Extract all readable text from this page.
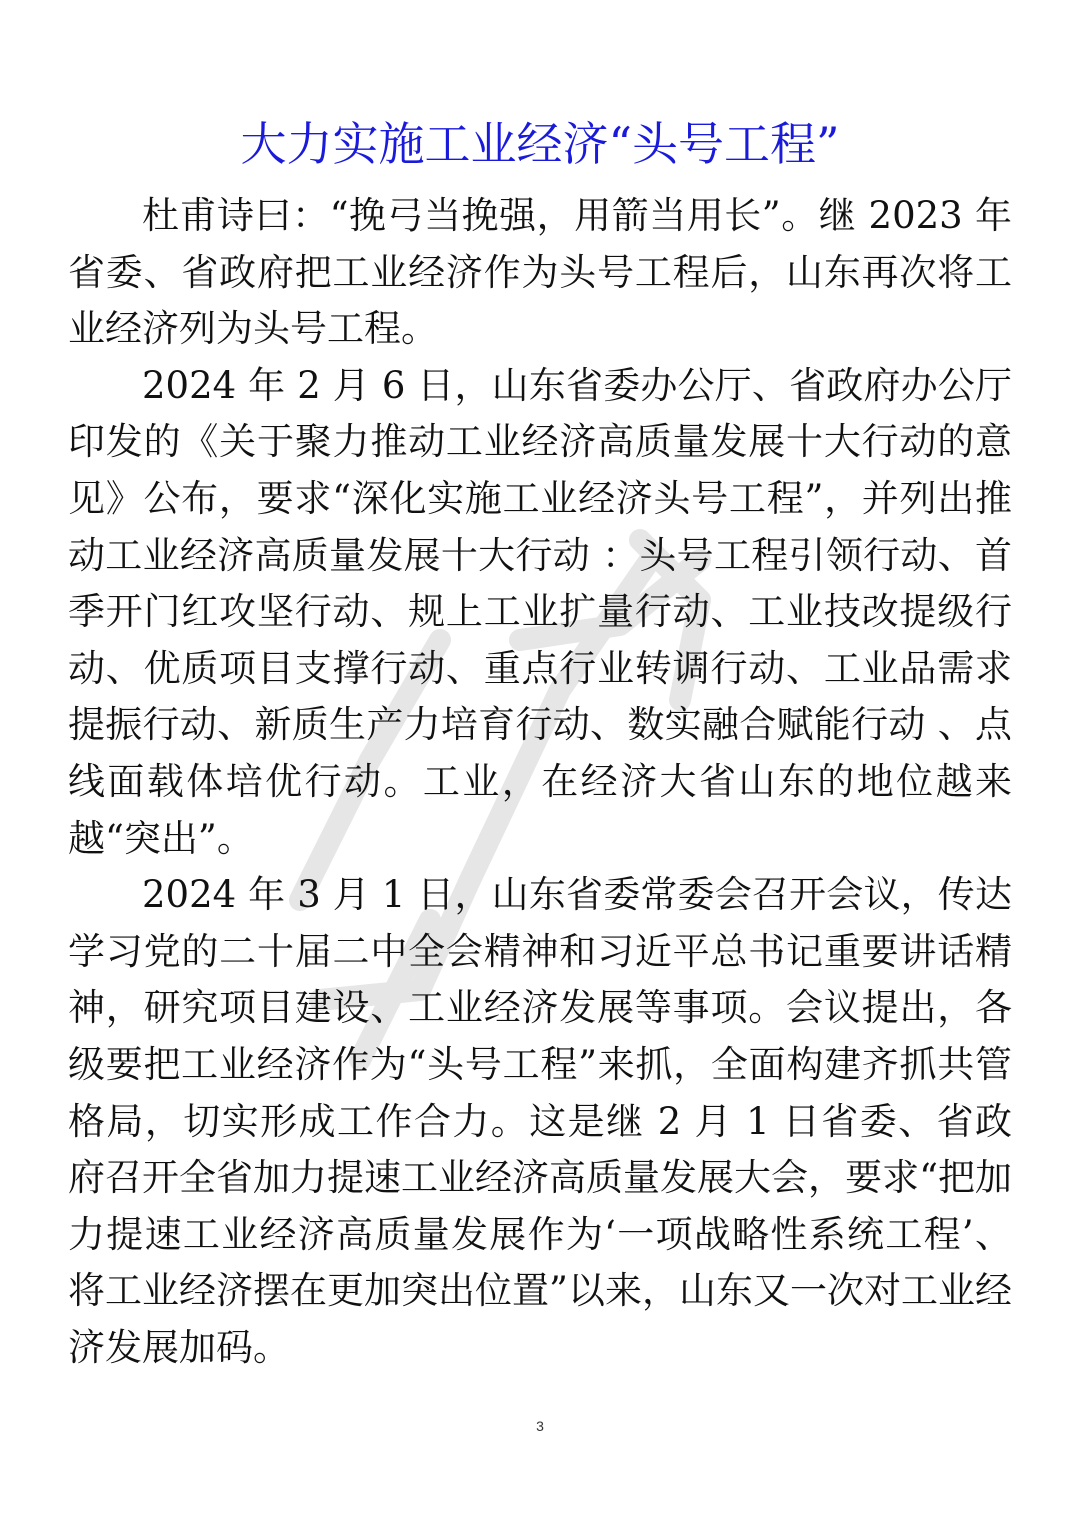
大力实施工业经济“头号工程”

杜甫诗曰：“挽弓当挽强，用箭当用长”。继 2023 年省委、省政府把工业经济作为头号工程后，山东再次将工业经济列为头号工程。

2024 年 2 月 6 日，山东省委办公厅、省政府办公厅印发的《关于聚力推动工业经济高质量发展十大行动的意见》公布，要求“深化实施工业经济头号工程”，并列出推动工业经济高质量发展十大行动 ：头号工程引领行动、首季开门红攻坚行动、规上工业扩量行动、工业技改提级行动、优质项目支撑行动、重点行业转调行动、工业品需求提振行动、新质生产力培育行动、数实融合赋能行动 、点线面载体培优行动。工业，在经济大省山东的地位越来越“突出”。

2024 年 3 月 1 日，山东省委常委会召开会议，传达学习党的二十届二中全会精神和习近平总书记重要讲话精神，研究项目建设、工业经济发展等事项。会议提出，各级要把工业经济作为“头号工程”来抓，全面构建齐抓共管格局，切实形成工作合力。这是继 2 月 1 日省委、省政府召开全省加力提速工业经济高质量发展大会，要求“把加力提速工业经济高质量发展作为‘一项战略性系统工程’、将工业经济摆在更加突出位置”以来，山东又一次对工业经济发展加码。

3
